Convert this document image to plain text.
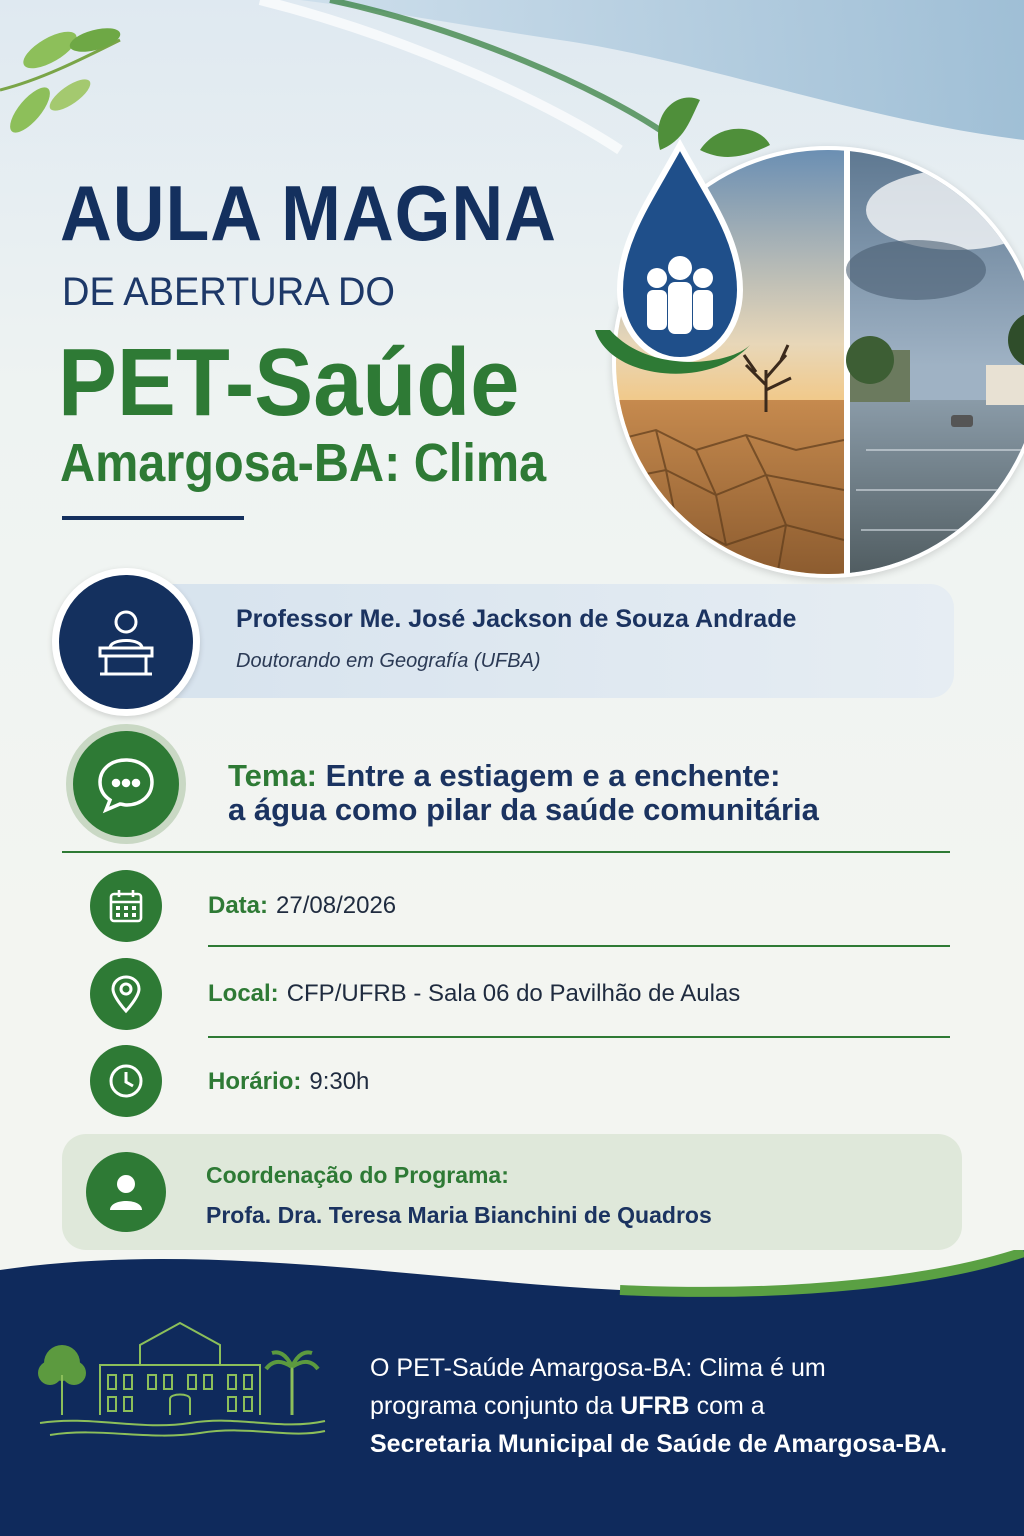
AULA MAGNA
DE ABERTURA DO
PET-Saúde
Amargosa-BA: Clima
Professor Me. José Jackson de Souza Andrade
Doutorando em Geografía (UFBA)
Tema: Entre a estiagem e a enchente:
a água como pilar da saúde comunitária
Data: 27/08/2026
Local: CFP/UFRB - Sala 06 do Pavilhão de Aulas
Horário: 9:30h
Coordenação do Programa:
Profa. Dra. Teresa Maria Bianchini de Quadros
O PET-Saúde Amargosa-BA: Clima é um
programa conjunto da UFRB com a
Secretaria Municipal de Saúde de Amargosa-BA.
